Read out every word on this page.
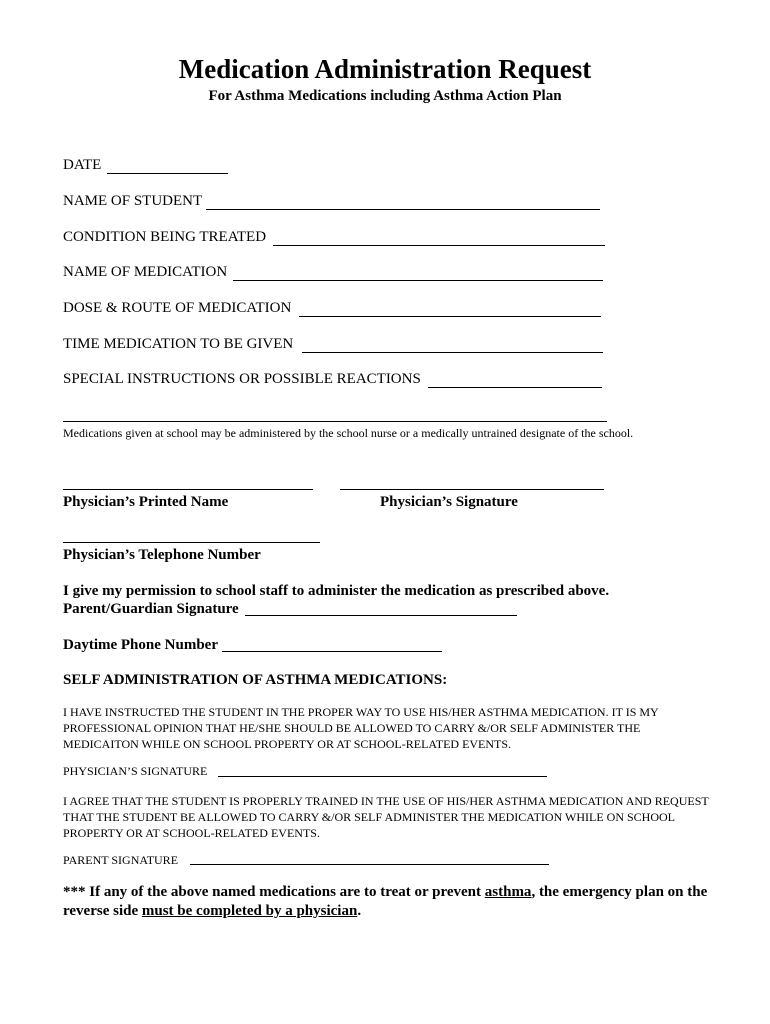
Medication Administration Request
For Asthma Medications including Asthma Action Plan
DATE
NAME OF STUDENT
CONDITION BEING TREATED
NAME OF MEDICATION
DOSE & ROUTE OF MEDICATION
TIME MEDICATION TO BE GIVEN
SPECIAL INSTRUCTIONS OR POSSIBLE REACTIONS
Medications given at school may be administered by the school nurse or a medically untrained designate of the school.
Physician’s Printed Name	Physician’s Signature
Physician’s Telephone Number
I give my permission to school staff to administer the medication as prescribed above.
Parent/Guardian Signature
Daytime Phone Number
SELF ADMINISTRATION OF ASTHMA MEDICATIONS:
I HAVE INSTRUCTED THE STUDENT IN THE PROPER WAY TO USE HIS/HER ASTHMA MEDICATION. IT IS MY PROFESSIONAL OPINION THAT HE/SHE SHOULD BE ALLOWED TO CARRY &/OR SELF ADMINISTER THE MEDICAITON WHILE ON SCHOOL PROPERTY OR AT SCHOOL-RELATED EVENTS.
PHYSICIAN’S SIGNATURE
I AGREE THAT THE STUDENT IS PROPERLY TRAINED IN THE USE OF HIS/HER ASTHMA MEDICATION AND REQUEST THAT THE STUDENT BE ALLOWED TO CARRY &/OR SELF ADMINISTER THE MEDICATION WHILE ON SCHOOL PROPERTY OR AT SCHOOL-RELATED EVENTS.
PARENT SIGNATURE
*** If any of the above named medications are to treat or prevent asthma, the emergency plan on the reverse side must be completed by a physician.
